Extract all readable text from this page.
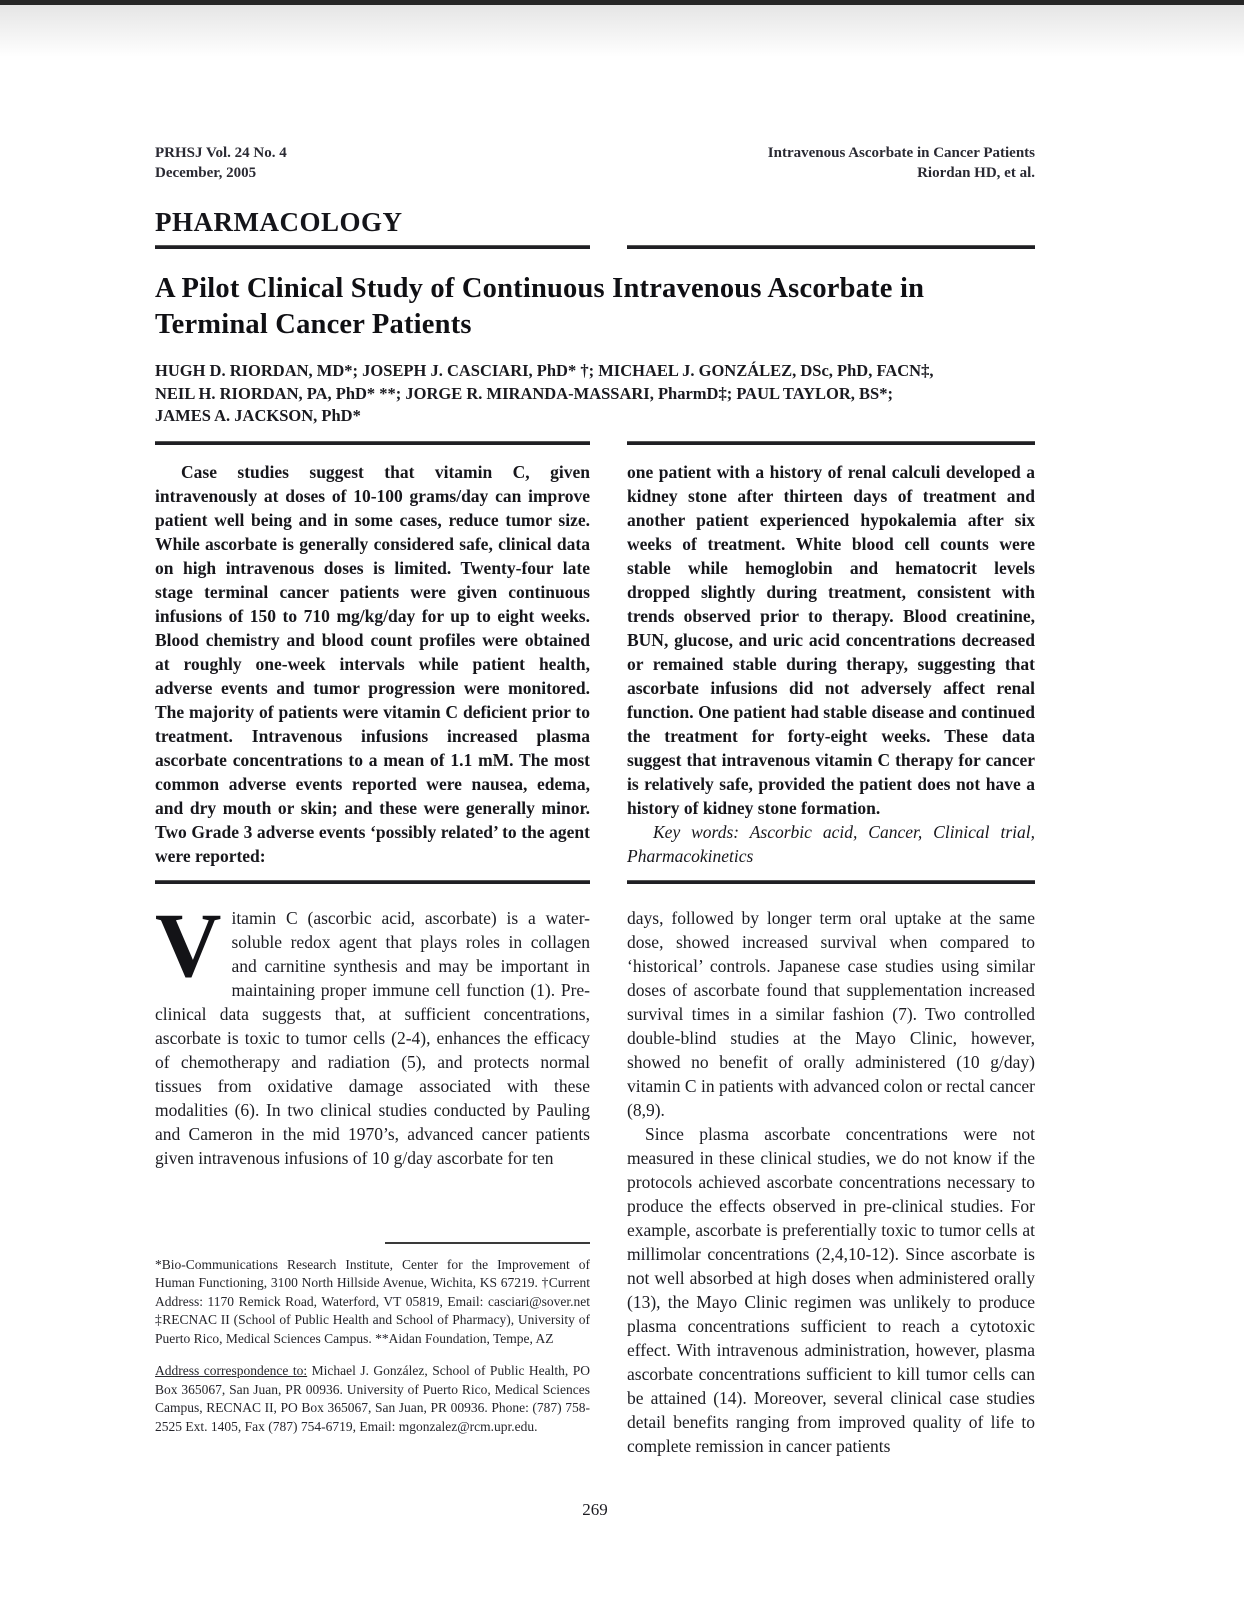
PRHSJ Vol. 24 No. 4
December, 2005
Intravenous Ascorbate in Cancer Patients
Riordan HD, et al.
PHARMACOLOGY
A Pilot Clinical Study of Continuous Intravenous Ascorbate in Terminal Cancer Patients
HUGH D. RIORDAN, MD*; JOSEPH J. CASCIARI, PhD* †; MICHAEL J. GONZÁLEZ, DSc, PhD, FACN‡,
NEIL H. RIORDAN, PA, PhD* **; JORGE R. MIRANDA-MASSARI, PharmD‡; PAUL TAYLOR, BS*;
JAMES A. JACKSON, PhD*

Case studies suggest that vitamin C, given intravenously at doses of 10-100 grams/day can improve patient well being and in some cases, reduce tumor size. While ascorbate is generally considered safe, clinical data on high intravenous doses is limited. Twenty-four late stage terminal cancer patients were given continuous infusions of 150 to 710 mg/kg/day for up to eight weeks. Blood chemistry and blood count profiles were obtained at roughly one-week intervals while patient health, adverse events and tumor progression were monitored. The majority of patients were vitamin C deficient prior to treatment. Intravenous infusions increased plasma ascorbate concentrations to a mean of 1.1 mM. The most common adverse events reported were nausea, edema, and dry mouth or skin; and these were generally minor. Two Grade 3 adverse events ‘possibly related’ to the agent were reported:

one patient with a history of renal calculi developed a kidney stone after thirteen days of treatment and another patient experienced hypokalemia after six weeks of treatment. White blood cell counts were stable while hemoglobin and hematocrit levels dropped slightly during treatment, consistent with trends observed prior to therapy. Blood creatinine, BUN, glucose, and uric acid concentrations decreased or remained stable during therapy, suggesting that ascorbate infusions did not adversely affect renal function. One patient had stable disease and continued the treatment for forty-eight weeks. These data suggest that intravenous vitamin C therapy for cancer is relatively safe, provided the patient does not have a history of kidney stone formation.

Key words: Ascorbic acid, Cancer, Clinical trial, Pharmacokinetics

Vitamin C (ascorbic acid, ascorbate) is a water-soluble redox agent that plays roles in collagen and carnitine synthesis and may be important in maintaining proper immune cell function (1). Pre-clinical data suggests that, at sufficient concentrations, ascorbate is toxic to tumor cells (2-4), enhances the efficacy of chemotherapy and radiation (5), and protects normal tissues from oxidative damage associated with these modalities (6). In two clinical studies conducted by Pauling and Cameron in the mid 1970’s, advanced cancer patients given intravenous infusions of 10 g/day ascorbate for ten

*Bio-Communications Research Institute, Center for the Improvement of Human Functioning, 3100 North Hillside Avenue, Wichita, KS 67219. †Current Address: 1170 Remick Road, Waterford, VT 05819, Email: casciari@sover.net ‡RECNAC II (School of Public Health and School of Pharmacy), University of Puerto Rico, Medical Sciences Campus. **Aidan Foundation, Tempe, AZ

Address correspondence to: Michael J. González, School of Public Health, PO Box 365067, San Juan, PR 00936. University of Puerto Rico, Medical Sciences Campus, RECNAC II, PO Box 365067, San Juan, PR 00936. Phone: (787) 758-2525 Ext. 1405, Fax (787) 754-6719, Email: mgonzalez@rcm.upr.edu.

days, followed by longer term oral uptake at the same dose, showed increased survival when compared to ‘historical’ controls. Japanese case studies using similar doses of ascorbate found that supplementation increased survival times in a similar fashion (7). Two controlled double-blind studies at the Mayo Clinic, however, showed no benefit of orally administered (10 g/day) vitamin C in patients with advanced colon or rectal cancer (8,9).

Since plasma ascorbate concentrations were not measured in these clinical studies, we do not know if the protocols achieved ascorbate concentrations necessary to produce the effects observed in pre-clinical studies. For example, ascorbate is preferentially toxic to tumor cells at millimolar concentrations (2,4,10-12). Since ascorbate is not well absorbed at high doses when administered orally (13), the Mayo Clinic regimen was unlikely to produce plasma concentrations sufficient to reach a cytotoxic effect. With intravenous administration, however, plasma ascorbate concentrations sufficient to kill tumor cells can be attained (14). Moreover, several clinical case studies detail benefits ranging from improved quality of life to complete remission in cancer patients

269
